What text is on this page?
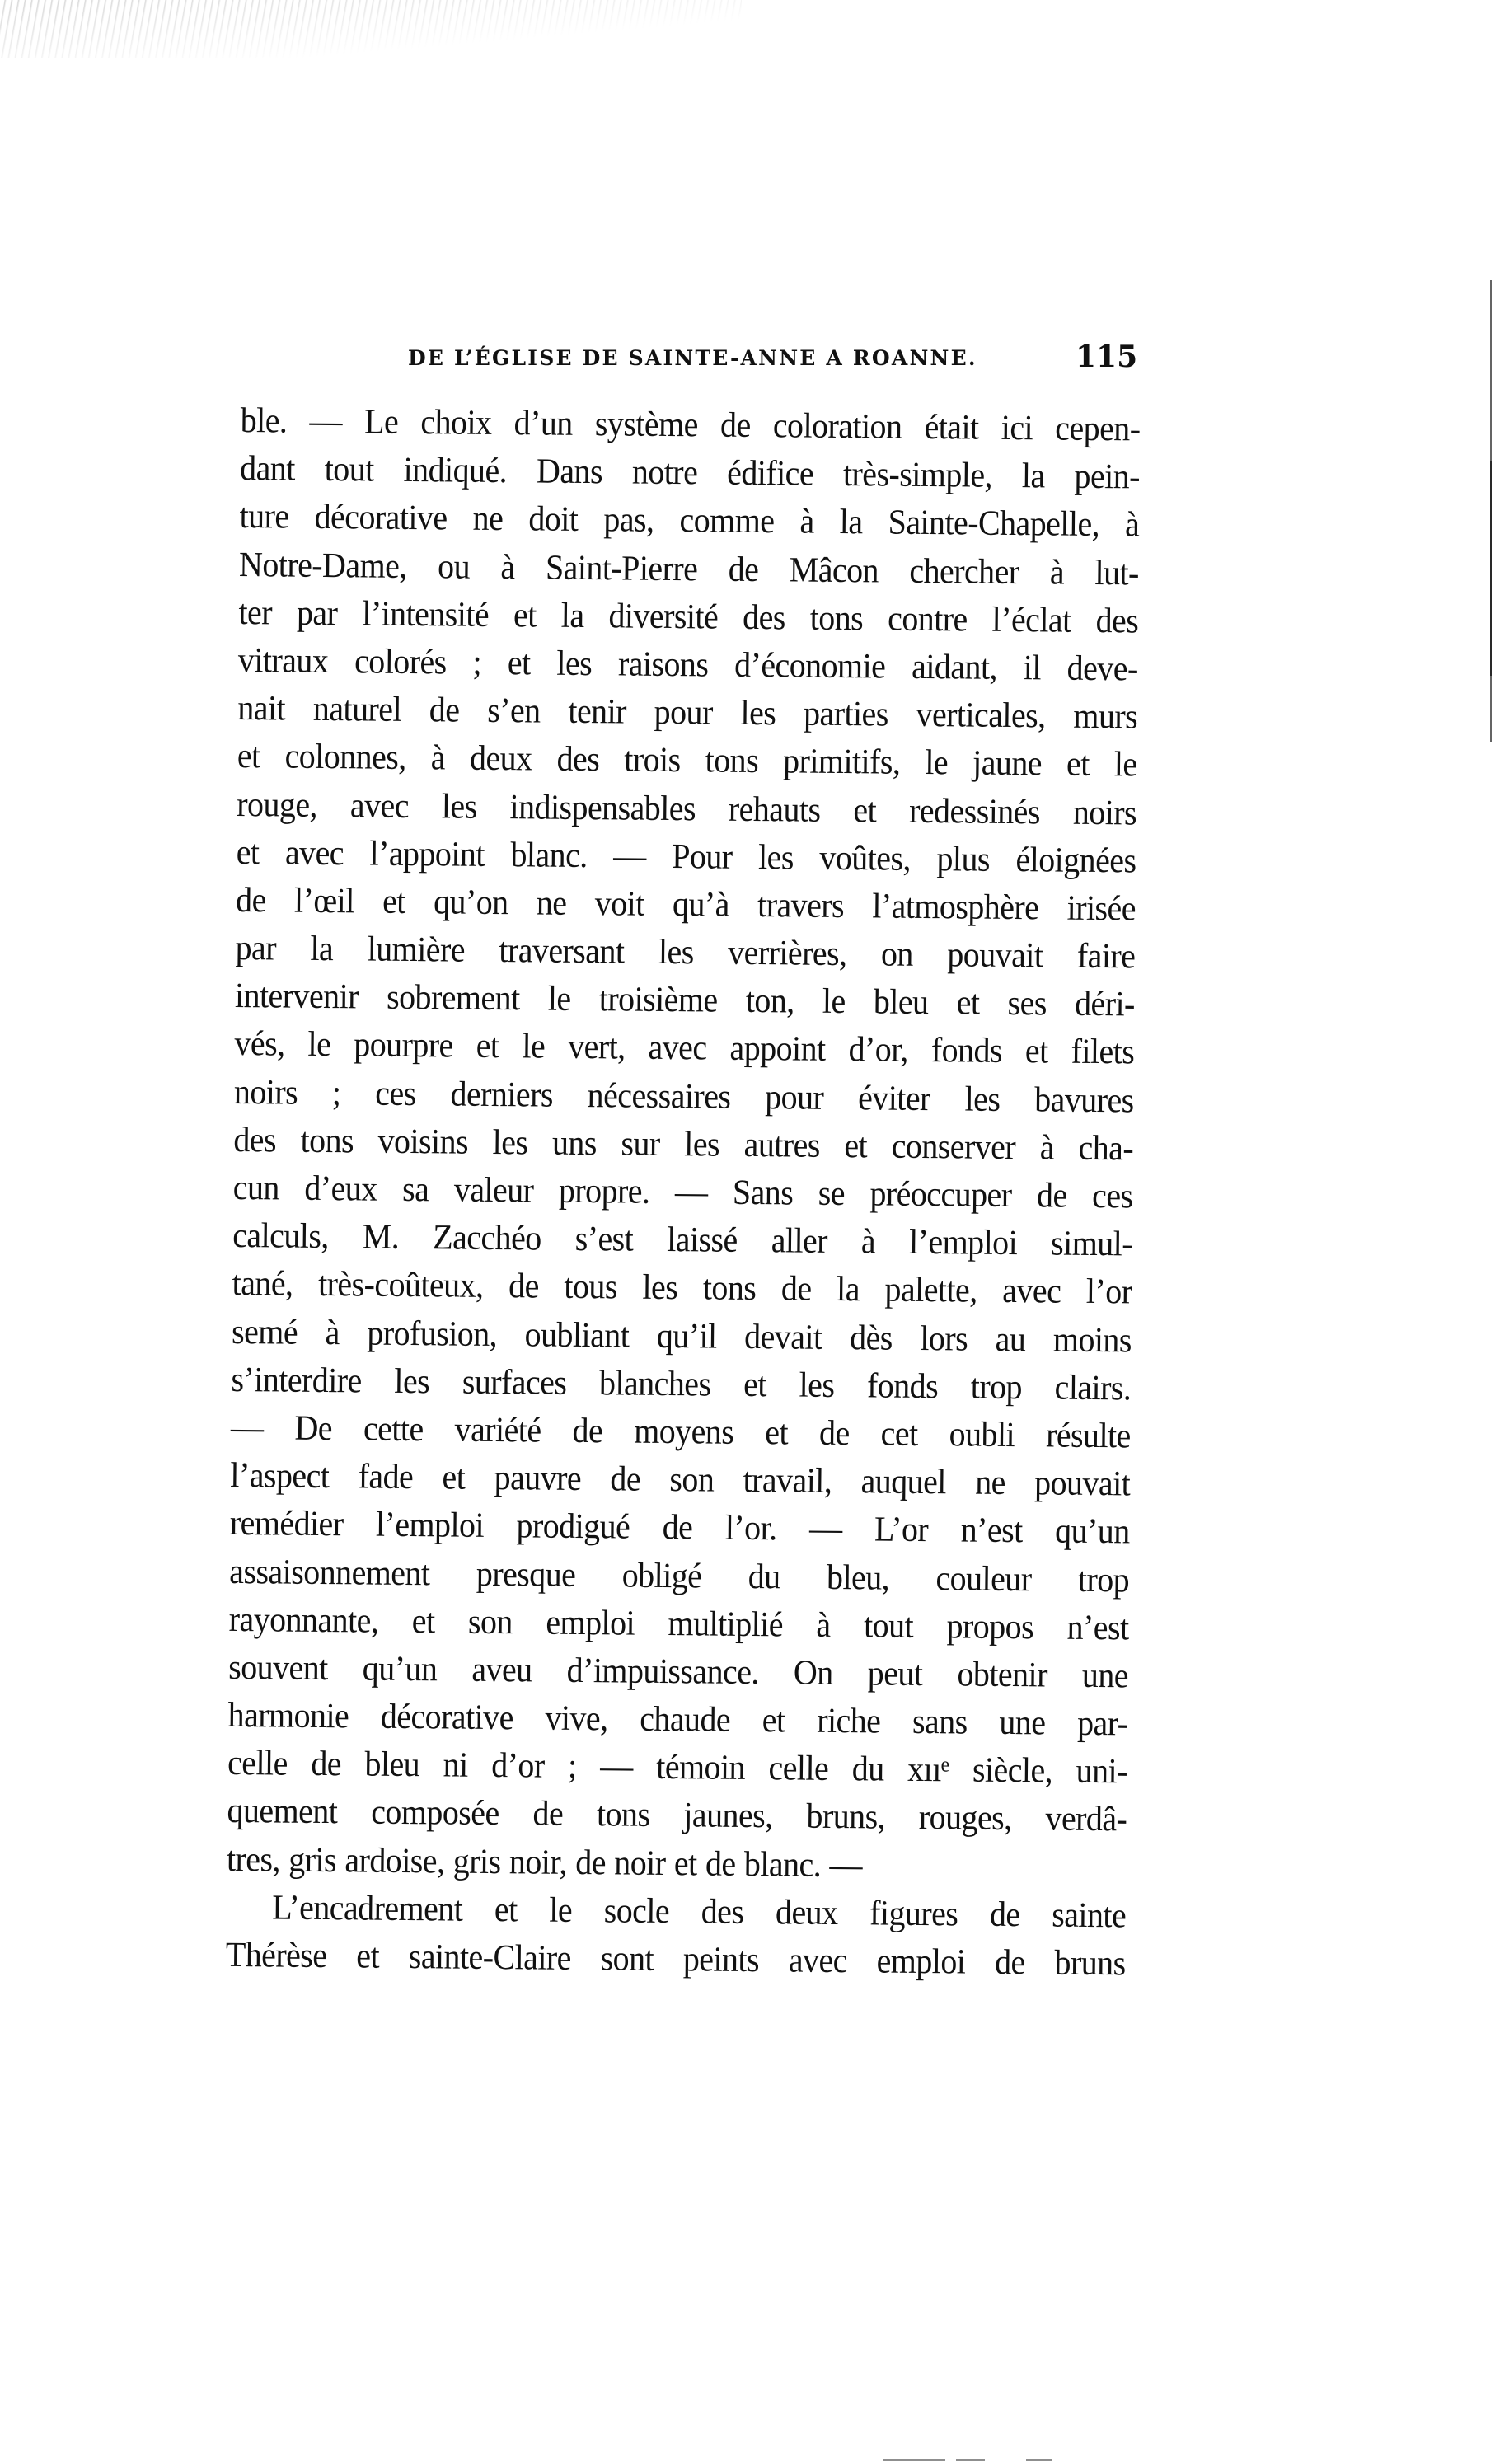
DE L’ÉGLISE DE SAINTE-ANNE A ROANNE.	115
ble. — Le choix d’un système de coloration était ici cepen-
dant tout indiqué. Dans notre édifice très-simple, la pein-
ture décorative ne doit pas, comme à la Sainte-Chapelle, à
Notre-Dame, ou à Saint-Pierre de Mâcon chercher à lut-
ter par l’intensité et la diversité des tons contre l’éclat des
vitraux colorés ; et les raisons d’économie aidant, il deve-
nait naturel de s’en tenir pour les parties verticales, murs
et colonnes, à deux des trois tons primitifs, le jaune et le
rouge, avec les indispensables rehauts et redessinés noirs
et avec l’appoint blanc. — Pour les voûtes, plus éloignées
de l’œil et qu’on ne voit qu’à travers l’atmosphère irisée
par la lumière traversant les verrières, on pouvait faire
intervenir sobrement le troisième ton, le bleu et ses déri-
vés, le pourpre et le vert, avec appoint d’or, fonds et filets
noirs ; ces derniers nécessaires pour éviter les bavures
des tons voisins les uns sur les autres et conserver à cha-
cun d’eux sa valeur propre. — Sans se préoccuper de ces
calculs, M. Zacchéo s’est laissé aller à l’emploi simul-
tané, très-coûteux, de tous les tons de la palette, avec l’or
semé à profusion, oubliant qu’il devait dès lors au moins
s’interdire les surfaces blanches et les fonds trop clairs.
— De cette variété de moyens et de cet oubli résulte
l’aspect fade et pauvre de son travail, auquel ne pouvait
remédier l’emploi prodigué de l’or. — L’or n’est qu’un
assaisonnement presque obligé du bleu, couleur trop
rayonnante, et son emploi multiplié à tout propos n’est
souvent qu’un aveu d’impuissance. On peut obtenir une
harmonie décorative vive, chaude et riche sans une par-
celle de bleu ni d’or ; — témoin celle du xııᵉ siècle, uni-
quement composée de tons jaunes, bruns, rouges, verdâ-
tres, gris ardoise, gris noir, de noir et de blanc. —
L’encadrement et le socle des deux figures de sainte
Thérèse et sainte-Claire sont peints avec emploi de bruns
